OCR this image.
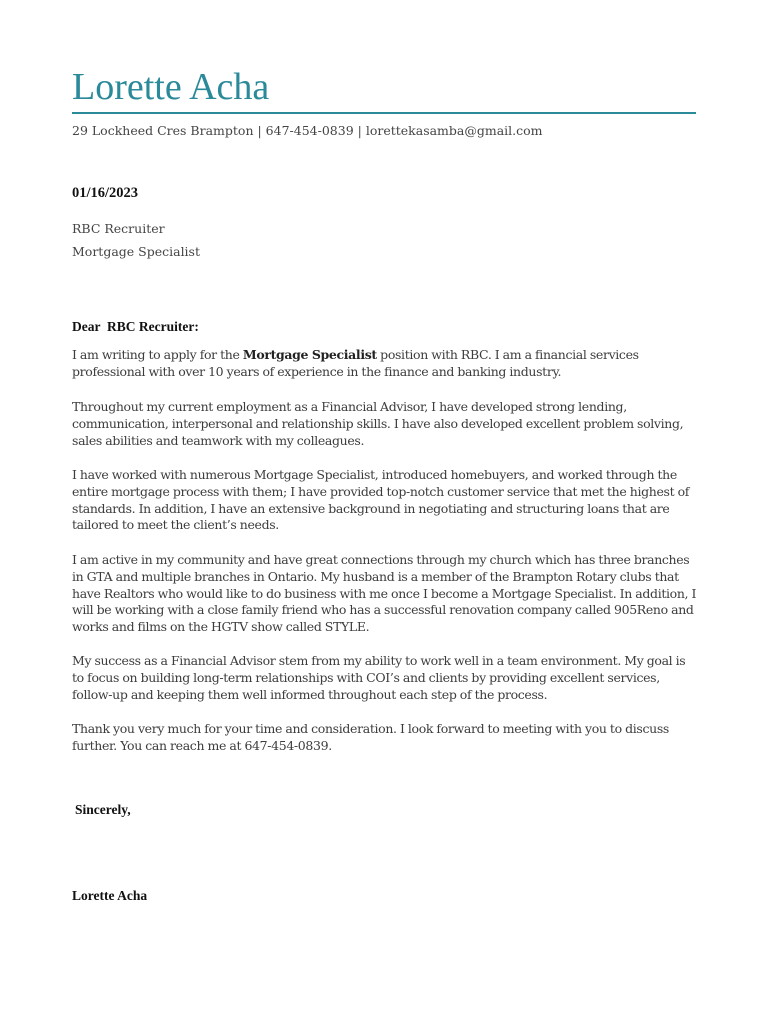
Lorette Acha
29 Lockheed Cres Brampton | 647-454-0839 | lorettekasamba@gmail.com
01/16/2023
RBC Recruiter
Mortgage Specialist
Dear  RBC Recruiter:

I am writing to apply for the Mortgage Specialist position with RBC. I am a financial services professional with over 10 years of experience in the finance and banking industry.

Throughout my current employment as a Financial Advisor, I have developed strong lending, communication, interpersonal and relationship skills. I have also developed excellent problem solving, sales abilities and teamwork with my colleagues.

I have worked with numerous Mortgage Specialist, introduced homebuyers, and worked through the entire mortgage process with them; I have provided top-notch customer service that met the highest of standards. In addition, I have an extensive background in negotiating and structuring loans that are tailored to meet the client’s needs.

I am active in my community and have great connections through my church which has three branches in GTA and multiple branches in Ontario. My husband is a member of the Brampton Rotary clubs that have Realtors who would like to do business with me once I become a Mortgage Specialist. In addition, I will be working with a close family friend who has a successful renovation company called 905Reno and works and films on the HGTV show called STYLE.

My success as a Financial Advisor stem from my ability to work well in a team environment. My goal is to focus on building long-term relationships with COI’s and clients by providing excellent services, follow-up and keeping them well informed throughout each step of the process.

Thank you very much for your time and consideration. I look forward to meeting with you to discuss further. You can reach me at 647-454-0839.

Sincerely,
Lorette Acha
